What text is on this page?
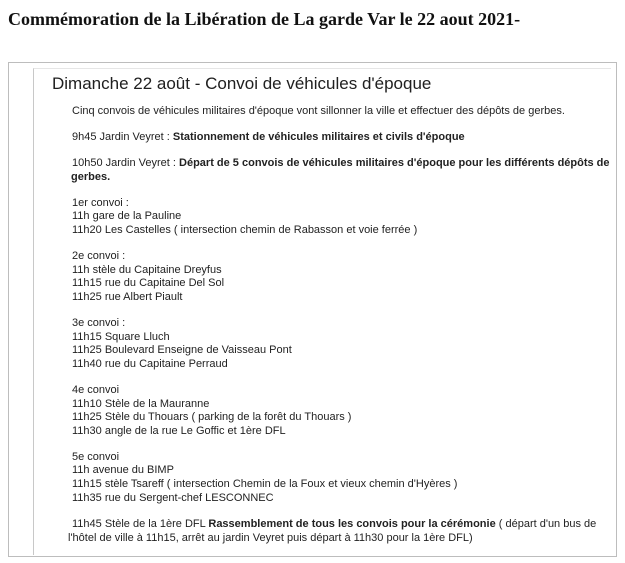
Commémoration de la Libération de La garde Var le 22 aout 2021-
Dimanche 22 août - Convoi de véhicules d'époque

Cinq convois de véhicules militaires d'époque vont sillonner la ville et effectuer des dépôts de gerbes.

9h45 Jardin Veyret : Stationnement de véhicules militaires et civils d'époque

10h50 Jardin Veyret : Départ de 5 convois de véhicules militaires d'époque pour les différents dépôts de
gerbes.

1er convoi :
11h gare de la Pauline
11h20 Les Castelles ( intersection chemin de Rabasson et voie ferrée )

2e convoi :
11h stèle du Capitaine Dreyfus
11h15 rue du Capitaine Del Sol
11h25 rue Albert Piault

3e convoi :
11h15 Square Lluch
11h25 Boulevard Enseigne de Vaisseau Pont
11h40 rue du Capitaine Perraud

4e convoi
11h10 Stèle de la Mauranne
11h25 Stèle du Thouars ( parking de la forêt du Thouars )
11h30 angle de la rue Le Goffic et 1ère DFL

5e convoi
11h avenue du BIMP
11h15 stèle Tsareff ( intersection Chemin de la Foux et vieux chemin d'Hyères )
11h35 rue du Sergent-chef LESCONNEC

11h45 Stèle de la 1ère DFL Rassemblement de tous les convois pour la cérémonie ( départ d'un bus de
l'hôtel de ville à 11h15, arrêt au jardin Veyret puis départ à 11h30 pour la 1ère DFL)
